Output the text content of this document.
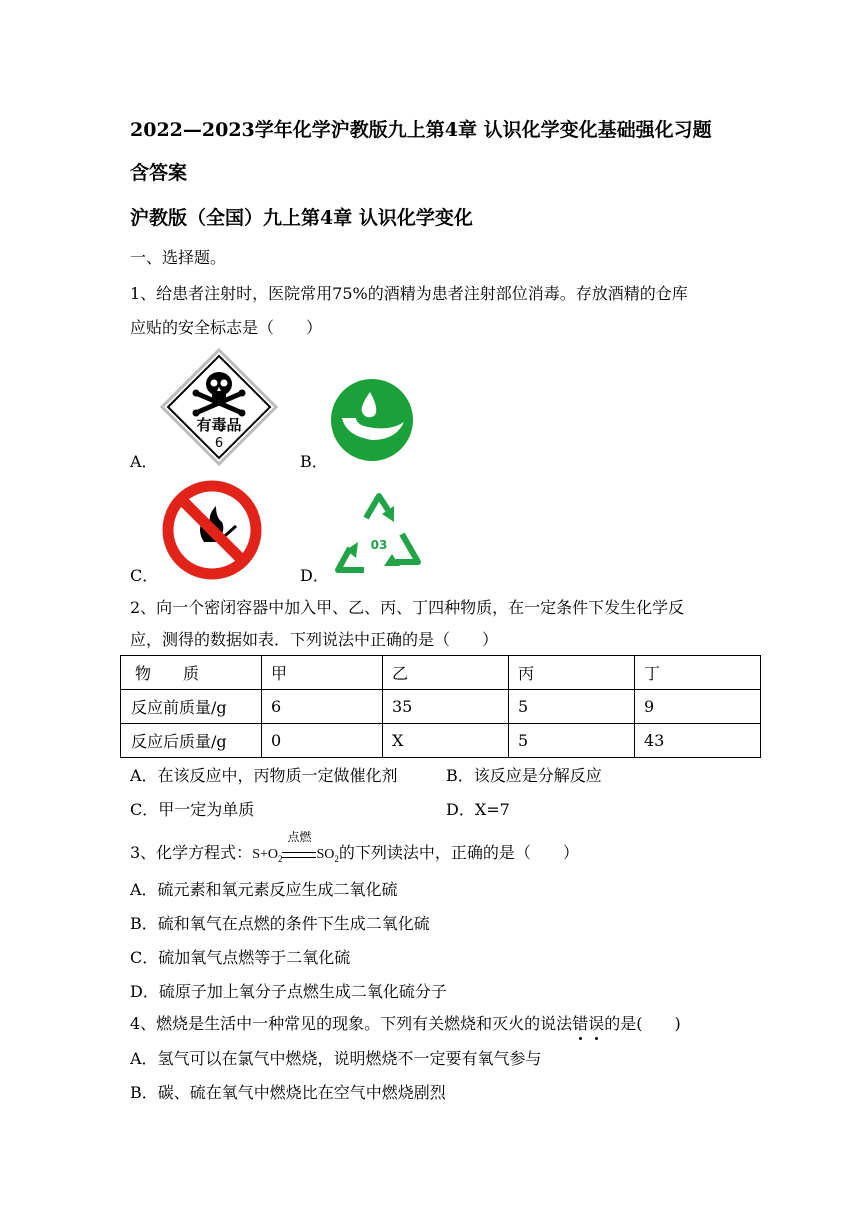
2022—2023学年化学沪教版九上第4章 认识化学变化基础强化习题
含答案
沪教版（全国）九上第4章 认识化学变化
一、选择题。
1、给患者注射时，医院常用75%的酒精为患者注射部位消毒。存放酒精的仓库
应贴的安全标志是（　　）
有毒品
6
A．	B．
C．
03
D．
2、向一个密闭容器中加入甲、乙、丙、丁四种物质，在一定条件下发生化学反
应，测得的数据如表．下列说法中正确的是（　　）
物　　质	甲	乙	丙	丁
反应前质量/g	6	35	5	9
反应后质量/g	0	X	5	43
A．在该反应中，丙物质一定做催化剂	B．该反应是分解反应
C．甲一定为单质	D．X=7
3、化学方程式：$S+O_2$
点燃
$SO_2$的下列读法中，正确的是（　　）
A．硫元素和氧元素反应生成二氧化硫
B．硫和氧气在点燃的条件下生成二氧化硫
C．硫加氧气点燃等于二氧化硫
D．硫原子加上氧分子点燃生成二氧化硫分子
4、燃烧是生活中一种常见的现象。下列有关燃烧和灭火的说法错误的是(　　)
A．氢气可以在氯气中燃烧，说明燃烧不一定要有氧气参与
B．碳、硫在氧气中燃烧比在空气中燃烧剧烈
